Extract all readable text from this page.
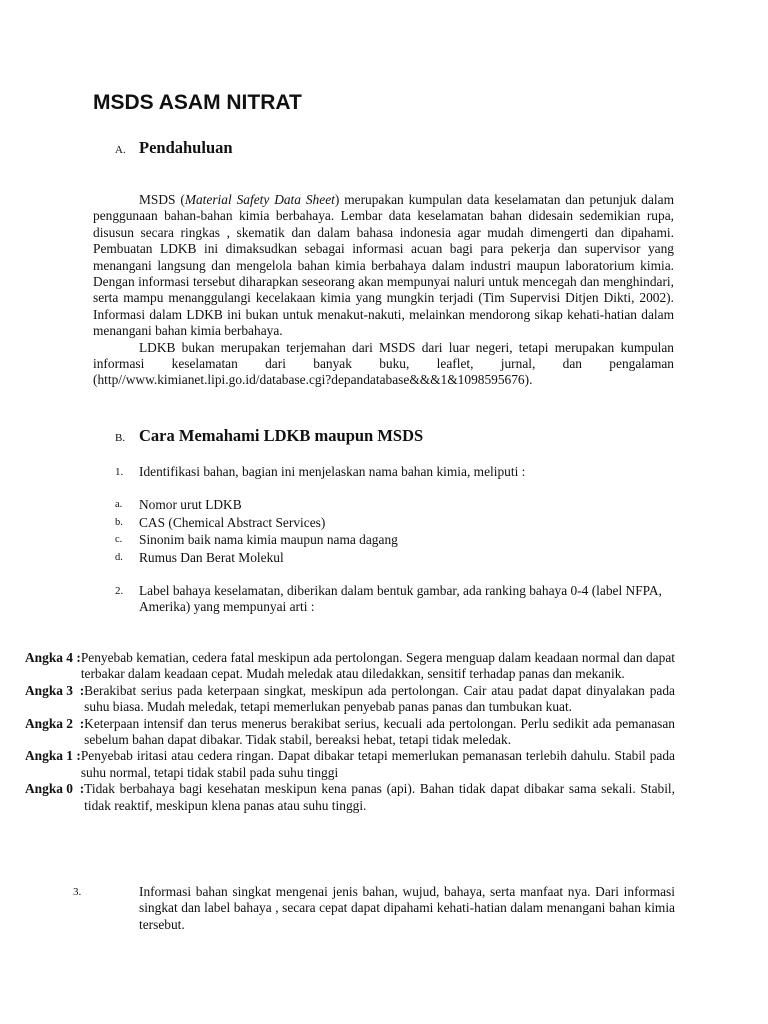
MSDS ASAM NITRAT
A. Pendahuluan

MSDS (Material Safety Data Sheet) merupakan kumpulan data keselamatan dan petunjuk dalam penggunaan bahan-bahan kimia berbahaya. Lembar data keselamatan bahan didesain sedemikian rupa, disusun secara ringkas , skematik dan dalam bahasa indonesia agar mudah dimengerti dan dipahami. Pembuatan LDKB ini dimaksudkan sebagai informasi acuan bagi para pekerja dan supervisor yang menangani langsung dan mengelola bahan kimia berbahaya dalam industri maupun laboratorium kimia. Dengan informasi tersebut diharapkan seseorang akan mempunyai naluri untuk mencegah dan menghindari, serta mampu menanggulangi kecelakaan kimia yang mungkin terjadi (Tim Supervisi Ditjen Dikti, 2002). Informasi dalam LDKB ini bukan untuk menakut-nakuti, melainkan mendorong sikap kehati-hatian dalam menangani bahan kimia berbahaya.

LDKB bukan merupakan terjemahan dari MSDS dari luar negeri, tetapi merupakan kumpulan informasi keselamatan dari banyak buku, leaflet, jurnal, dan pengalaman (http//www.kimianet.lipi.go.id/database.cgi?depandatabase&&&1&1098595676).

B. Cara Memahami LDKB maupun MSDS
1.	Identifikasi bahan, bagian ini menjelaskan nama bahan kimia, meliputi :
a.	Nomor urut LDKB
b.	CAS (Chemical Abstract Services)
c.	Sinonim baik nama kimia maupun nama dagang
d.	Rumus Dan Berat Molekul
2.	Label bahaya keselamatan, diberikan dalam bentuk gambar, ada ranking bahaya 0-4 (label NFPA, Amerika) yang mempunyai arti :
Angka 4 : Penyebab kematian, cedera fatal meskipun ada pertolongan. Segera menguap dalam keadaan normal dan dapat terbakar dalam keadaan cepat. Mudah meledak atau diledakkan, sensitif terhadap panas dan mekanik.
Angka 3  : Berakibat serius pada keterpaan singkat, meskipun ada pertolongan. Cair atau padat dapat dinyalakan pada suhu biasa. Mudah meledak, tetapi memerlukan penyebab panas panas dan tumbukan kuat.
Angka 2  : Keterpaan intensif dan terus menerus berakibat serius, kecuali ada pertolongan. Perlu sedikit ada pemanasan sebelum bahan dapat dibakar. Tidak stabil, bereaksi hebat, tetapi tidak meledak.
Angka 1 : Penyebab iritasi atau cedera ringan. Dapat dibakar tetapi memerlukan pemanasan terlebih dahulu. Stabil pada suhu normal, tetapi tidak stabil pada suhu tinggi
Angka 0  : Tidak berbahaya bagi kesehatan meskipun kena panas (api). Bahan tidak dapat dibakar sama sekali. Stabil, tidak reaktif, meskipun klena panas atau suhu tinggi.
3.	Informasi bahan singkat mengenai jenis bahan, wujud, bahaya, serta manfaat nya. Dari informasi singkat dan label bahaya , secara cepat dapat dipahami kehati-hatian dalam menangani bahan kimia tersebut.
